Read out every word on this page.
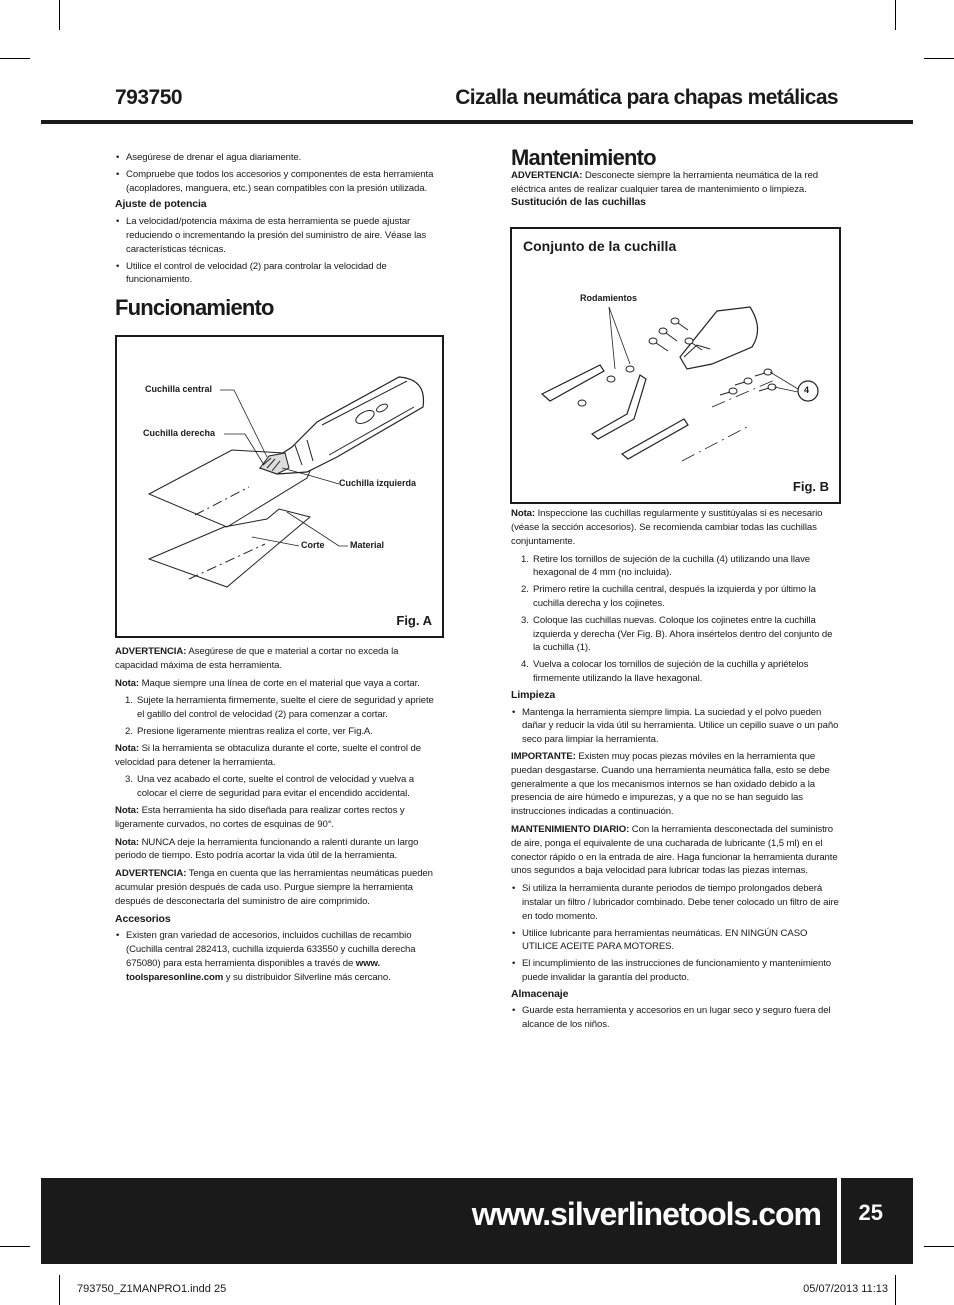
793750	Cizalla neumática para chapas metálicas
• Asegúrese de drenar el agua diariamente.
• Compruebe que todos los accesorios y componentes de esta herramienta (acopladores, manguera, etc.) sean compatibles con la presión utilizada.
Ajuste de potencia
• La velocidad/potencia máxima de esta herramienta se puede ajustar reduciendo o incrementando la presión del suministro de aire. Véase las características técnicas.
• Utilice el control de velocidad (2) para controlar la velocidad de funcionamiento.
Funcionamiento

ADVERTENCIA: Asegúrese de que e material a cortar no exceda la capacidad máxima de esta herramienta.

Nota: Maque siempre una línea de corte en el material que vaya a cortar.

1. Sujete la herramienta firmemente, suelte el ciere de seguridad y apriete el gatillo del control de velocidad (2) para comenzar a cortar.
2. Presione ligeramente mientras realiza el corte, ver Fig.A.

Nota: Si la herramienta se obtaculiza durante el corte, suelte el control de velocidad para detener la herramienta.

3. Una vez acabado el corte, suelte el control de velocidad y vuelva a colocar el cierre de seguridad para evitar el encendido accidental.

Nota: Esta herramienta ha sido diseñada para realizar cortes rectos y ligeramente curvados, no cortes de esquinas de 90°.

Nota: NUNCA deje la herramienta funcionando a ralentí durante un largo periodo de tiempo. Esto podría acortar la vida útil de la herramienta.

ADVERTENCIA: Tenga en cuenta que las herramientas neumáticas pueden acumular presión después de cada uso. Purgue siempre la herramienta después de desconectarla del suministro de aire comprimido.

Accesorios
• Existen gran variedad de accesorios, incluidos cuchillas de recambio (Cuchilla central 282413, cuchilla izquierda 633550 y cuchilla derecha 675080) para esta herramienta disponibles a través de www. toolsparesonline.com y su distribuidor Silverline más cercano.
Cuchilla central
Cuchilla derecha
Cuchilla izquierda
Corte	Material
Fig. A
Mantenimiento

ADVERTENCIA: Desconecte siempre la herramienta neumática de la red eléctrica antes de realizar cualquier tarea de mantenimiento o limpieza.

Sustitución de las cuchillas

Nota: Inspeccione las cuchillas regularmente y sustitúyalas si es necesario (véase la sección accesorios). Se recomienda cambiar todas las cuchillas conjuntamente.

1. Retire los tornillos de sujeción de la cuchilla (4) utilizando una llave hexagonal de 4 mm (no incluida).
2. Primero retire la cuchilla central, después la izquierda y por último la cuchilla derecha y los cojinetes.
3. Coloque las cuchillas nuevas. Coloque los cojinetes entre la cuchilla izquierda y derecha (Ver Fig. B). Ahora insértelos dentro del conjunto de la cuchilla (1).
4. Vuelva a colocar los tornillos de sujeción de la cuchilla y apriételos firmemente utilizando la llave hexagonal.
Limpieza
• Mantenga la herramienta siempre limpia. La suciedad y el polvo pueden dañar y reducir la vida útil su herramienta. Utilice un cepillo suave o un paño seco para limpiar la herramienta.

IMPORTANTE: Existen muy pocas piezas móviles en la herramienta que puedan desgastarse. Cuando una herramienta neumática falla, esto se debe generalmente a que los mecanismos internos se han oxidado debido a la presencia de aire húmedo e impurezas, y a que no se han seguido las instrucciones indicadas a continuación.

MANTENIMIENTO DIARIO: Con la herramienta desconectada del suministro de aire, ponga el equivalente de una cucharada de lubricante (1,5 ml) en el conector rápido o en la entrada de aire. Haga funcionar la herramienta durante unos segundos a baja velocidad para lubricar todas las piezas internas.

• Si utiliza la herramienta durante periodos de tiempo prolongados deberá instalar un filtro / lubricador combinado. Debe tener colocado un filtro de aire en todo momento.
• Utilice lubricante para herramientas neumáticas. EN NINGÚN CASO UTILICE ACEITE PARA MOTORES.
• El incumplimiento de las instrucciones de funcionamiento y mantenimiento puede invalidar la garantía del producto.
Almacenaje
• Guarde esta herramienta y accesorios en un lugar seco y seguro fuera del alcance de los niños.
Conjunto de la cuchilla
Rodamientos
4
Fig. B
www.silverlinetools.com 25
793750_Z1MANPRO1.indd 25	05/07/2013 11:13
